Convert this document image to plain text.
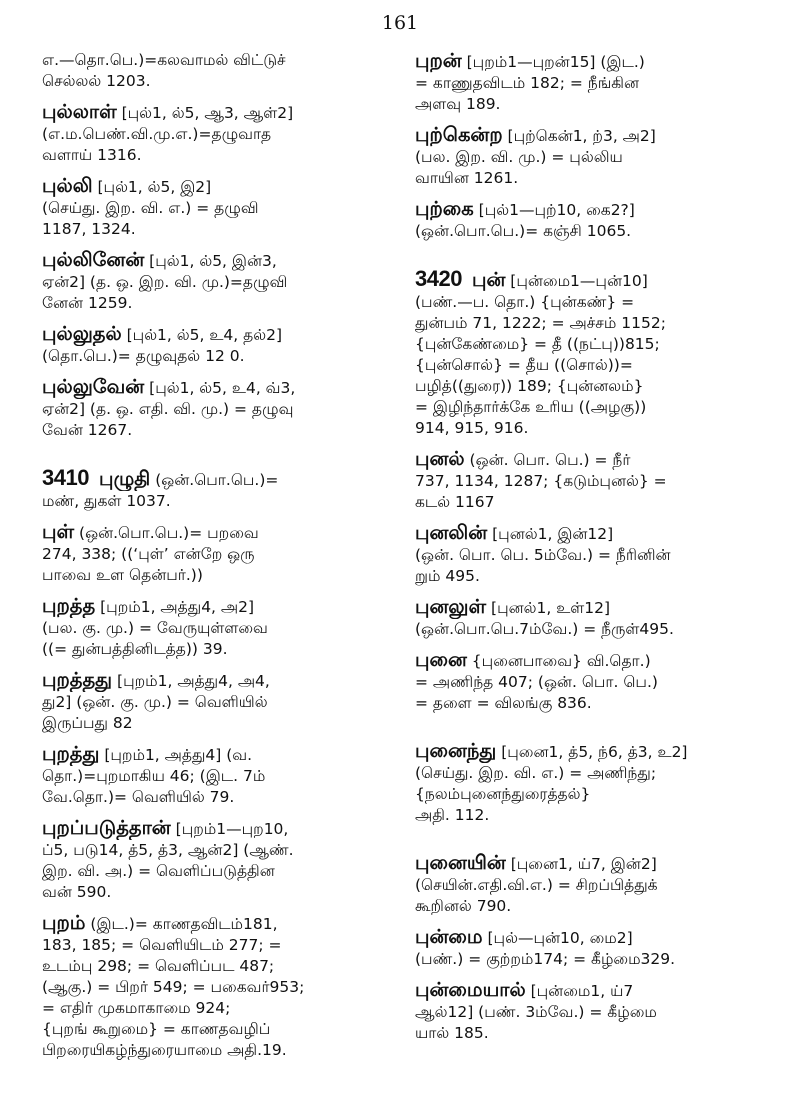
161
எ.—தொ.பெ.)=கலவாமல் விட்டுச்
செல்லல் 1203.
புல்லாள் [புல்1, ல்5, ஆ3, ஆள்2]
(எ.ம.பெண்.வி.மு.எ.)=தழுவாத
வளாய் 1316.
புல்லி [புல்1, ல்5, இ2]
(செய்து. இற. வி. எ.) = தழுவி
1187, 1324.
புல்லினேன் [புல்1, ல்5, இன்3,
ஏன்2] (த. ஒ. இற. வி. மு.)=தழுவி
னேன் 1259.
புல்லுதல் [புல்1, ல்5, உ4, தல்2]
(தொ.பெ.)= தழுவுதல் 12 0.
புல்லுவேன் [புல்1, ல்5, உ4, வ்3,
ஏன்2] (த. ஒ. எதி. வி. மு.) = தழுவு
வேன் 1267.
3410 புழுதி (ஒன்.பொ.பெ.)=
மண், துகள் 1037.
புள் (ஒன்.பொ.பெ.)= பறவை
274, 338; ((‘புள்’ என்றே ஒரு
பாவை உள தென்பர்.))
புறத்த [புறம்1, அத்து4, அ2]
(பல. கு. மு.) = வேருயுள்ளவை
((= துன்பத்தினிடத்த)) 39.
புறத்தது [புறம்1, அத்து4, அ4,
து2] (ஒன். கு. மு.) = வெளியில்
இருப்பது 82
புறத்து [புறம்1, அத்து4] (வ.
தொ.)=புறமாகிய 46; (இட. 7ம்
வே.தொ.)= வெளியில் 79.
புறப்படுத்தான் [புறம்1—புற10,
ப்5, படு14, த்5, த்3, ஆன்2] (ஆண்.
இற. வி. அ.) = வெளிப்படுத்தின
வன் 590.
புறம் (இட.)= காணதவிடம்181,
183, 185; = வெளியிடம் 277; =
உடம்பு 298; = வெளிப்பட 487;
(ஆகு.) = பிறர் 549; = பகைவர்953;
= எதிர் முகமாகாமை 924;
{புறங் கூறுமை} = காணதவழிப்
பிறரையிகழ்ந்துரையாமை அதி.19.
புறன் [புறம்1—புறன்15] (இட.)
= காணுதவிடம் 182; = நீங்கின
அளவு 189.
புற்கென்ற [புற்கென்1, ற்3, அ2]
(பல. இற. வி. மு.) = புல்லிய
வாயின 1261.
புற்கை [புல்1—புற்10, கை2?]
(ஒன்.பொ.பெ.)= கஞ்சி 1065.
3420 புன் [புன்மை1—புன்10]
(பண்.—ப. தொ.) {புன்கண்} =
துன்பம் 71, 1222; = அச்சம் 1152;
{புன்கேண்மை} = தீ ((நட்பு))815;
{புன்சொல்} = தீய ((சொல்))=
பழித்((துரை)) 189; {புன்னலம்}
= இழிந்தார்க்கே உரிய ((அழகு))
914, 915, 916.
புனல் (ஒன். பொ. பெ.) = நீர்
737, 1134, 1287; {கடும்புனல்} =
கடல் 1167
புனலின் [புனல்1, இன்12]
(ஒன். பொ. பெ. 5ம்வே.) = நீரினின்
றும் 495.
புனலுள் [புனல்1, உள்12]
(ஒன்.பொ.பெ.7ம்வே.) = நீருள்495.
புனை {புனைபாவை} வி.தொ.)
= அணிந்த 407; (ஒன். பொ. பெ.)
= தளை = விலங்கு 836.
புனைந்து [புனை1, த்5, ந்6, த்3, உ2]
(செய்து. இற. வி. எ.) = அணிந்து;
{நலம்புனைந்துரைத்தல்}
அதி. 112.
புனையின் [புனை1, ய்7, இன்2]
(செயின்.எதி.வி.எ.) = சிறப்பித்துக்
கூறினல் 790.
புன்மை [புல்—புன்10, மை2]
(பண்.) = குற்றம்174; = கீழ்மை329.
புன்மையால் [புன்மை1, ய்7
ஆல்12] (பண். 3ம்வே.) = கீழ்மை
யால் 185.
